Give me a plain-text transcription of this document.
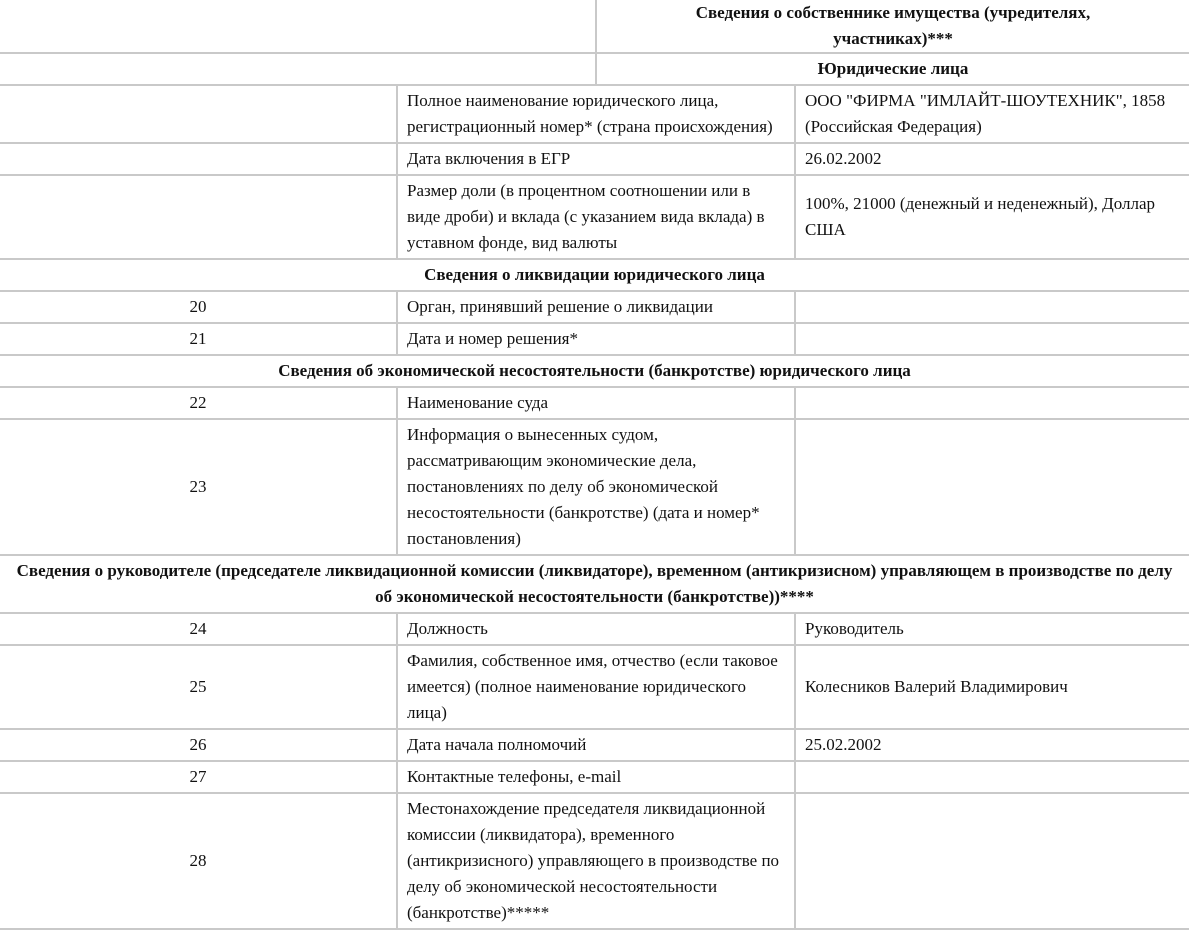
	Сведения о собственнике имущества (учредителях, участниках)***
	Юридические лица
	Полное наименование юридического лица, регистрационный номер* (страна происхождения)	ООО "ФИРМА "ИМЛАЙТ-ШОУТЕХНИК", 1858 (Российская Федерация)
	Дата включения в ЕГР	26.02.2002
	Размер доли (в процентном соотношении или в виде дроби) и вклада (с указанием вида вклада) в уставном фонде, вид валюты	100%, 21000 (денежный и неденежный), Доллар США
Сведения о ликвидации юридического лица		
20	Орган, принявший решение о ликвидации	
21	Дата и номер решения*	
Сведения об экономической несостоятельности (банкротстве) юридического лица		
22	Наименование суда	
23	Информация о вынесенных судом, рассматривающим экономические дела, постановлениях по делу об экономической несостоятельности (банкротстве) (дата и номер* постановления)	
Сведения о руководителе (председателе ликвидационной комиссии (ликвидаторе), временном (антикризисном) управляющем в производстве по делу об экономической несостоятельности (банкротстве))****		
24	Должность	Руководитель
25	Фамилия, собственное имя, отчество (если таковое имеется) (полное наименование юридического лица)	Колесников Валерий Владимирович
26	Дата начала полномочий	25.02.2002
27	Контактные телефоны, e-mail	
28	Местонахождение председателя ликвидационной комиссии (ликвидатора), временного (антикризисного) управляющего в производстве по делу об экономической несостоятельности (банкротстве)*****	
